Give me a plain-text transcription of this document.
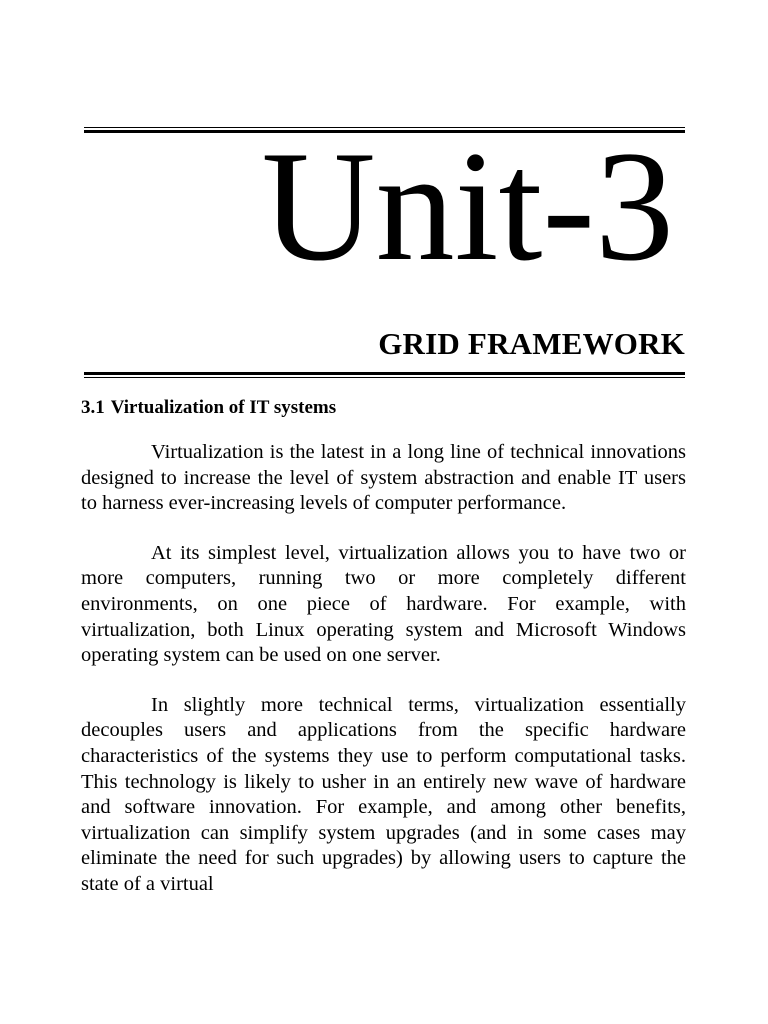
Unit-3
GRID FRAMEWORK
3.1 Virtualization of IT systems

Virtualization is the latest in a long line of technical innovations designed to increase the level of system abstraction and enable IT users to harness ever-increasing levels of computer performance.

At its simplest level, virtualization allows you to have two or more computers, running two or more completely different environments, on one piece of hardware. For example, with virtualization, both Linux operating system and Microsoft Windows operating system can be used on one server.

In slightly more technical terms, virtualization essentially decouples users and applications from the specific hardware characteristics of the systems they use to perform computational tasks. This technology is likely to usher in an entirely new wave of hardware and software innovation. For example, and among other benefits, virtualization can simplify system upgrades (and in some cases may eliminate the need for such upgrades) by allowing users to capture the state of a virtual
